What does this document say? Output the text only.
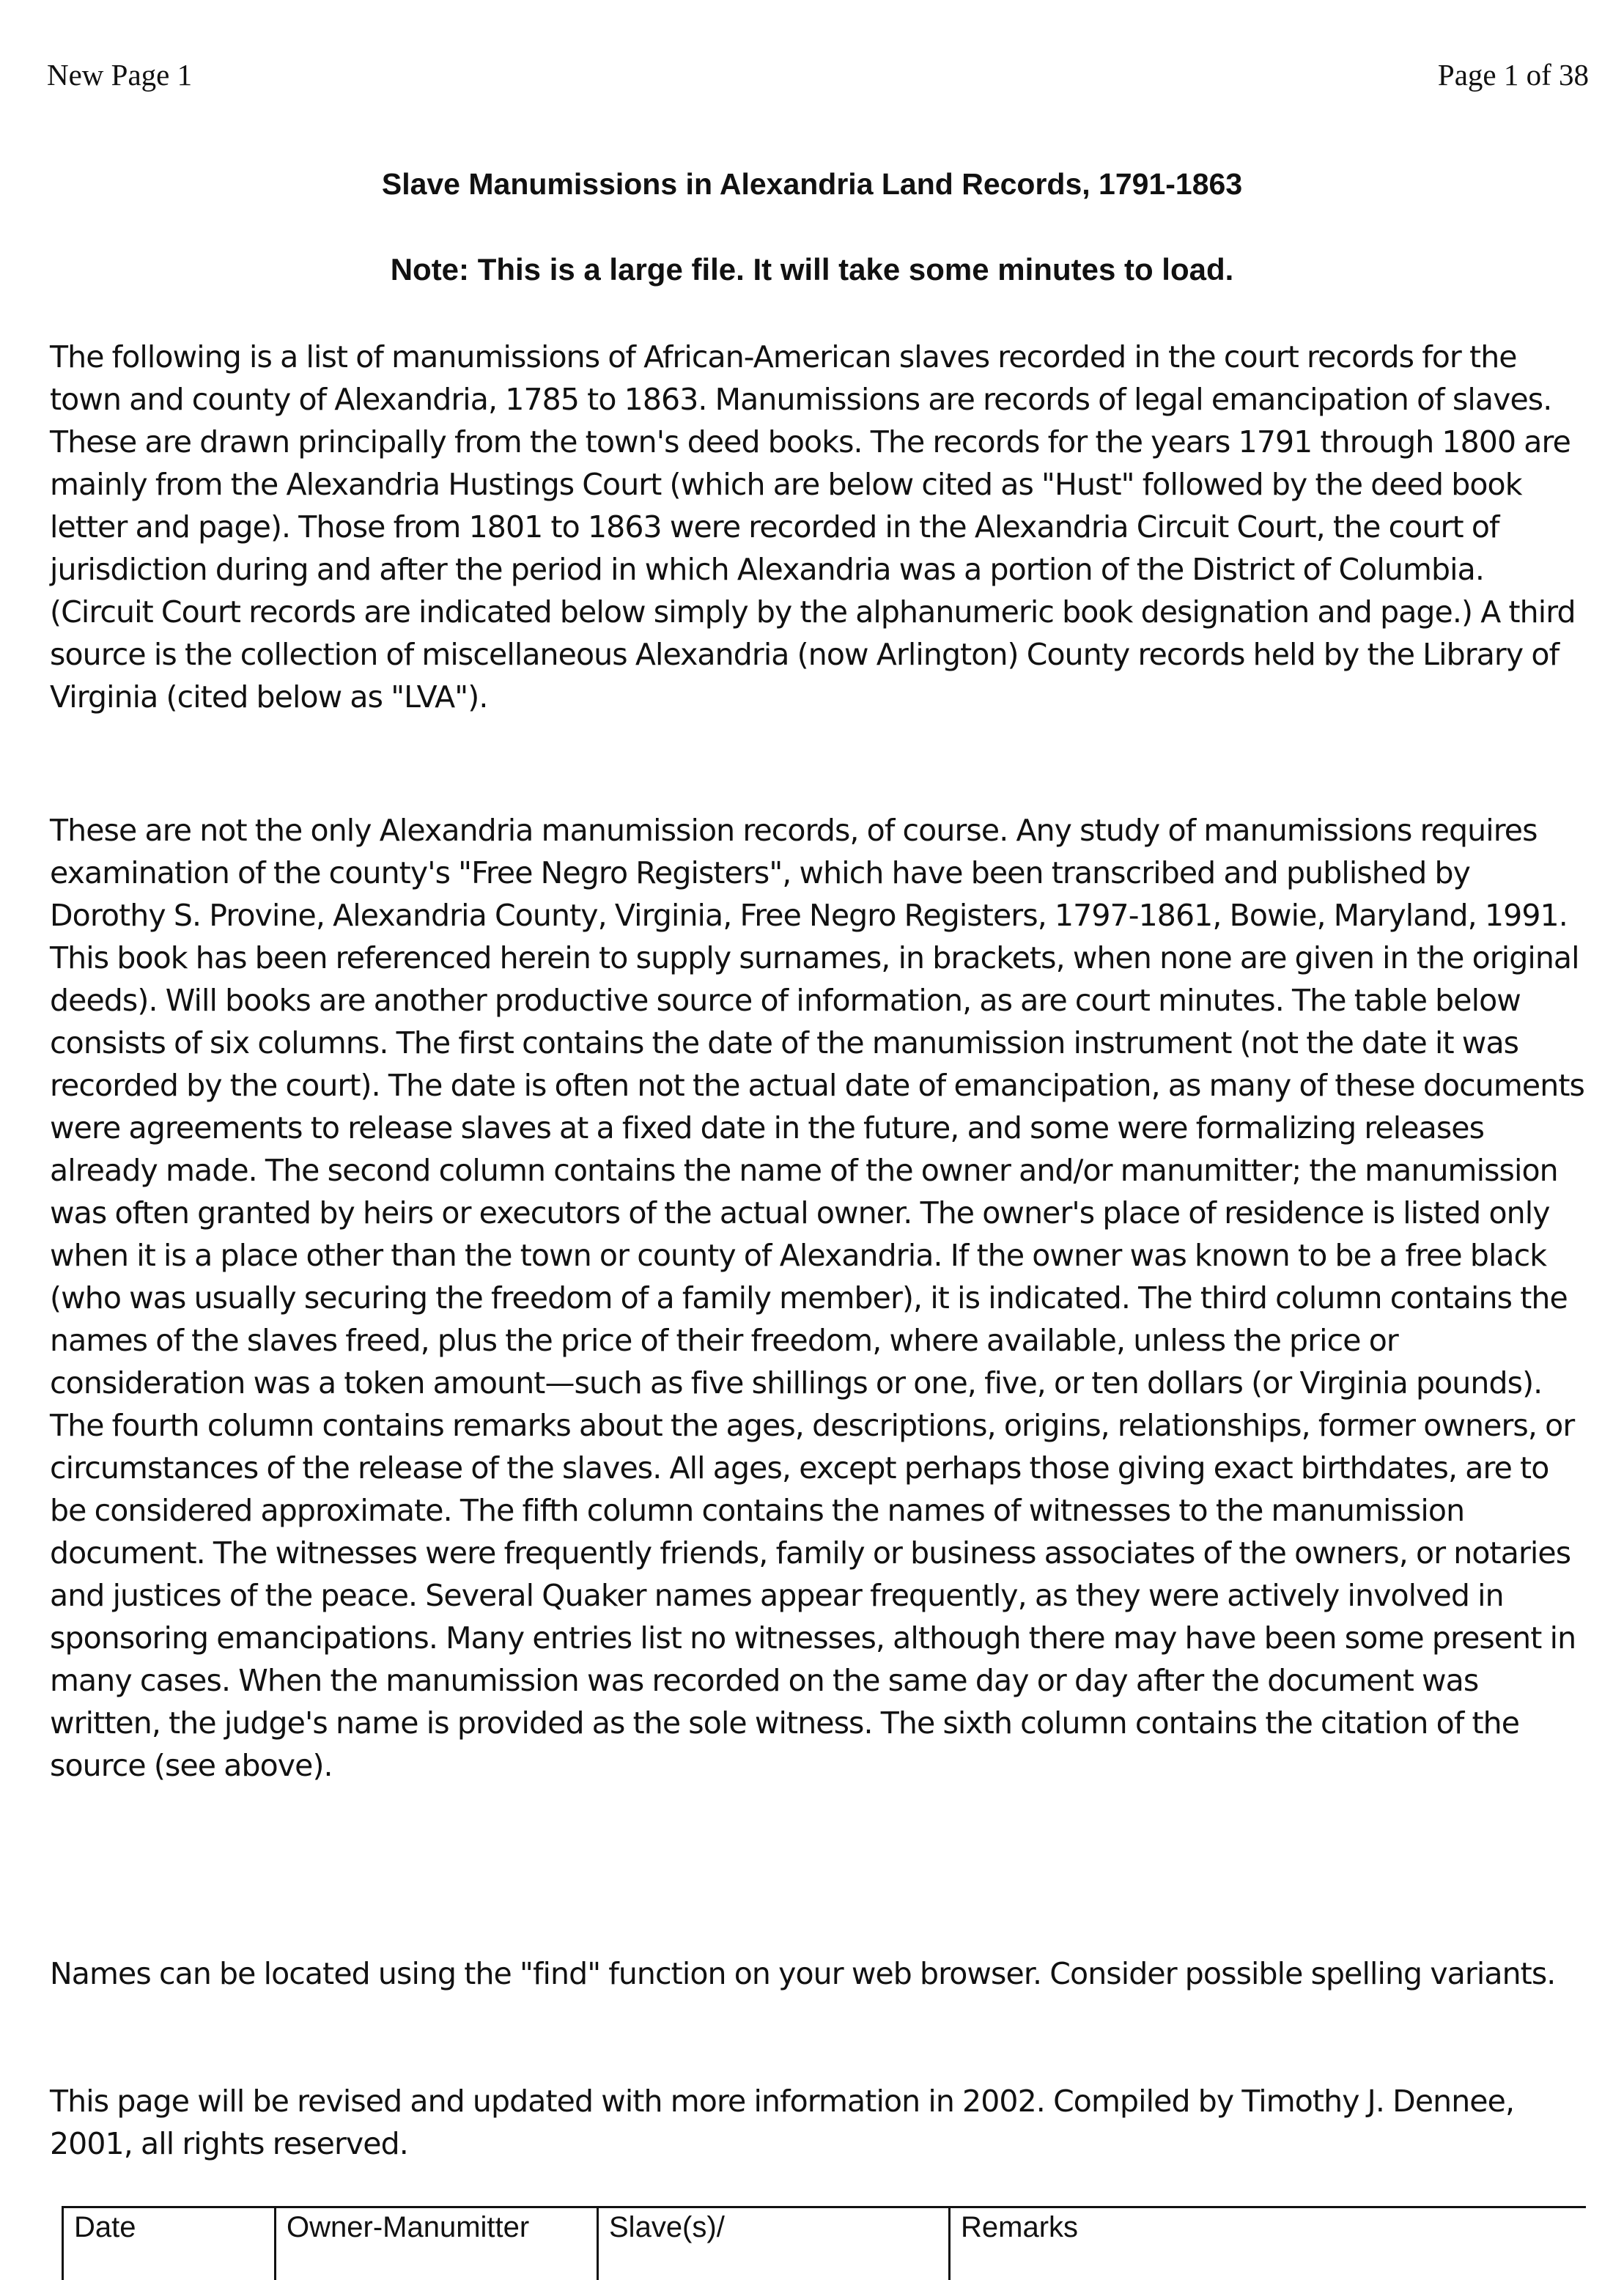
New Page 1	Page 1 of 38
Slave Manumissions in Alexandria Land Records, 1791-1863
Note: This is a large file. It will take some minutes to load.

The following is a list of manumissions of African-American slaves recorded in the court records for the town and county of Alexandria, 1785 to 1863. Manumissions are records of legal emancipation of slaves. These are drawn principally from the town's deed books. The records for the years 1791 through 1800 are mainly from the Alexandria Hustings Court (which are below cited as "Hust" followed by the deed book letter and page). Those from 1801 to 1863 were recorded in the Alexandria Circuit Court, the court of jurisdiction during and after the period in which Alexandria was a portion of the District of Columbia. (Circuit Court records are indicated below simply by the alphanumeric book designation and page.) A third source is the collection of miscellaneous Alexandria (now Arlington) County records held by the Library of Virginia (cited below as "LVA").

These are not the only Alexandria manumission records, of course. Any study of manumissions requires examination of the county's "Free Negro Registers", which have been transcribed and published by Dorothy S. Provine, Alexandria County, Virginia, Free Negro Registers, 1797-1861, Bowie, Maryland, 1991. This book has been referenced herein to supply surnames, in brackets, when none are given in the original deeds). Will books are another productive source of information, as are court minutes. The table below consists of six columns. The first contains the date of the manumission instrument (not the date it was recorded by the court). The date is often not the actual date of emancipation, as many of these documents were agreements to release slaves at a fixed date in the future, and some were formalizing releases already made. The second column contains the name of the owner and/or manumitter; the manumission was often granted by heirs or executors of the actual owner. The owner's place of residence is listed only when it is a place other than the town or county of Alexandria. If the owner was known to be a free black (who was usually securing the freedom of a family member), it is indicated. The third column contains the names of the slaves freed, plus the price of their freedom, where available, unless the price or consideration was a token amount—such as five shillings or one, five, or ten dollars (or Virginia pounds). The fourth column contains remarks about the ages, descriptions, origins, relationships, former owners, or circumstances of the release of the slaves. All ages, except perhaps those giving exact birthdates, are to be considered approximate. The fifth column contains the names of witnesses to the manumission document. The witnesses were frequently friends, family or business associates of the owners, or notaries and justices of the peace. Several Quaker names appear frequently, as they were actively involved in sponsoring emancipations. Many entries list no witnesses, although there may have been some present in many cases. When the manumission was recorded on the same day or day after the document was written, the judge's name is provided as the sole witness. The sixth column contains the citation of the source (see above).

Names can be located using the "find" function on your web browser. Consider possible spelling variants.

This page will be revised and updated with more information in 2002. Compiled by Timothy J. Dennee, 2001, all rights reserved.

Date	Owner-Manumitter	Slave(s)/	Remarks
